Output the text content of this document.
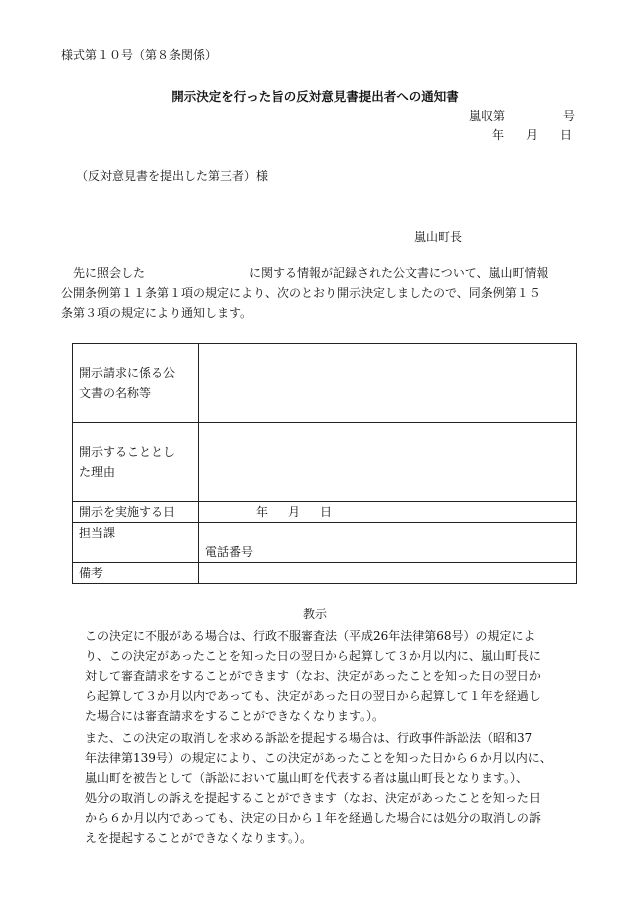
様式第１０号（第８条関係）
開示決定を行った旨の反対意見書提出者への通知書
嵐収第	号
年 月 日
（反対意見書を提出した第三者）様
嵐山町長
　先に照会した	に関する情報が記録された公文書について、嵐山町情報
公開条例第１１条第１項の規定により、次のとおり開示決定しましたので、同条例第１５
条第３項の規定により通知します。
開示請求に係る公
文書の名称等	
開示することとし
た理由	
開示を実施する日	年 月 日
担当課	電話番号

備考	
教示
この決定に不服がある場合は、行政不服審査法（平成26年法律第68号）の規定によ
り、この決定があったことを知った日の翌日から起算して３か月以内に、嵐山町長に
対して審査請求をすることができます（なお、決定があったことを知った日の翌日か
ら起算して３か月以内であっても、決定があった日の翌日から起算して１年を経過し
た場合には審査請求をすることができなくなります。）。
また、この決定の取消しを求める訴訟を提起する場合は、行政事件訴訟法（昭和37
年法律第139号）の規定により、この決定があったことを知った日から６か月以内に、
嵐山町を被告として（訴訟において嵐山町を代表する者は嵐山町長となります。）、
処分の取消しの訴えを提起することができます（なお、決定があったことを知った日
から６か月以内であっても、決定の日から１年を経過した場合には処分の取消しの訴
えを提起することができなくなります。）。
